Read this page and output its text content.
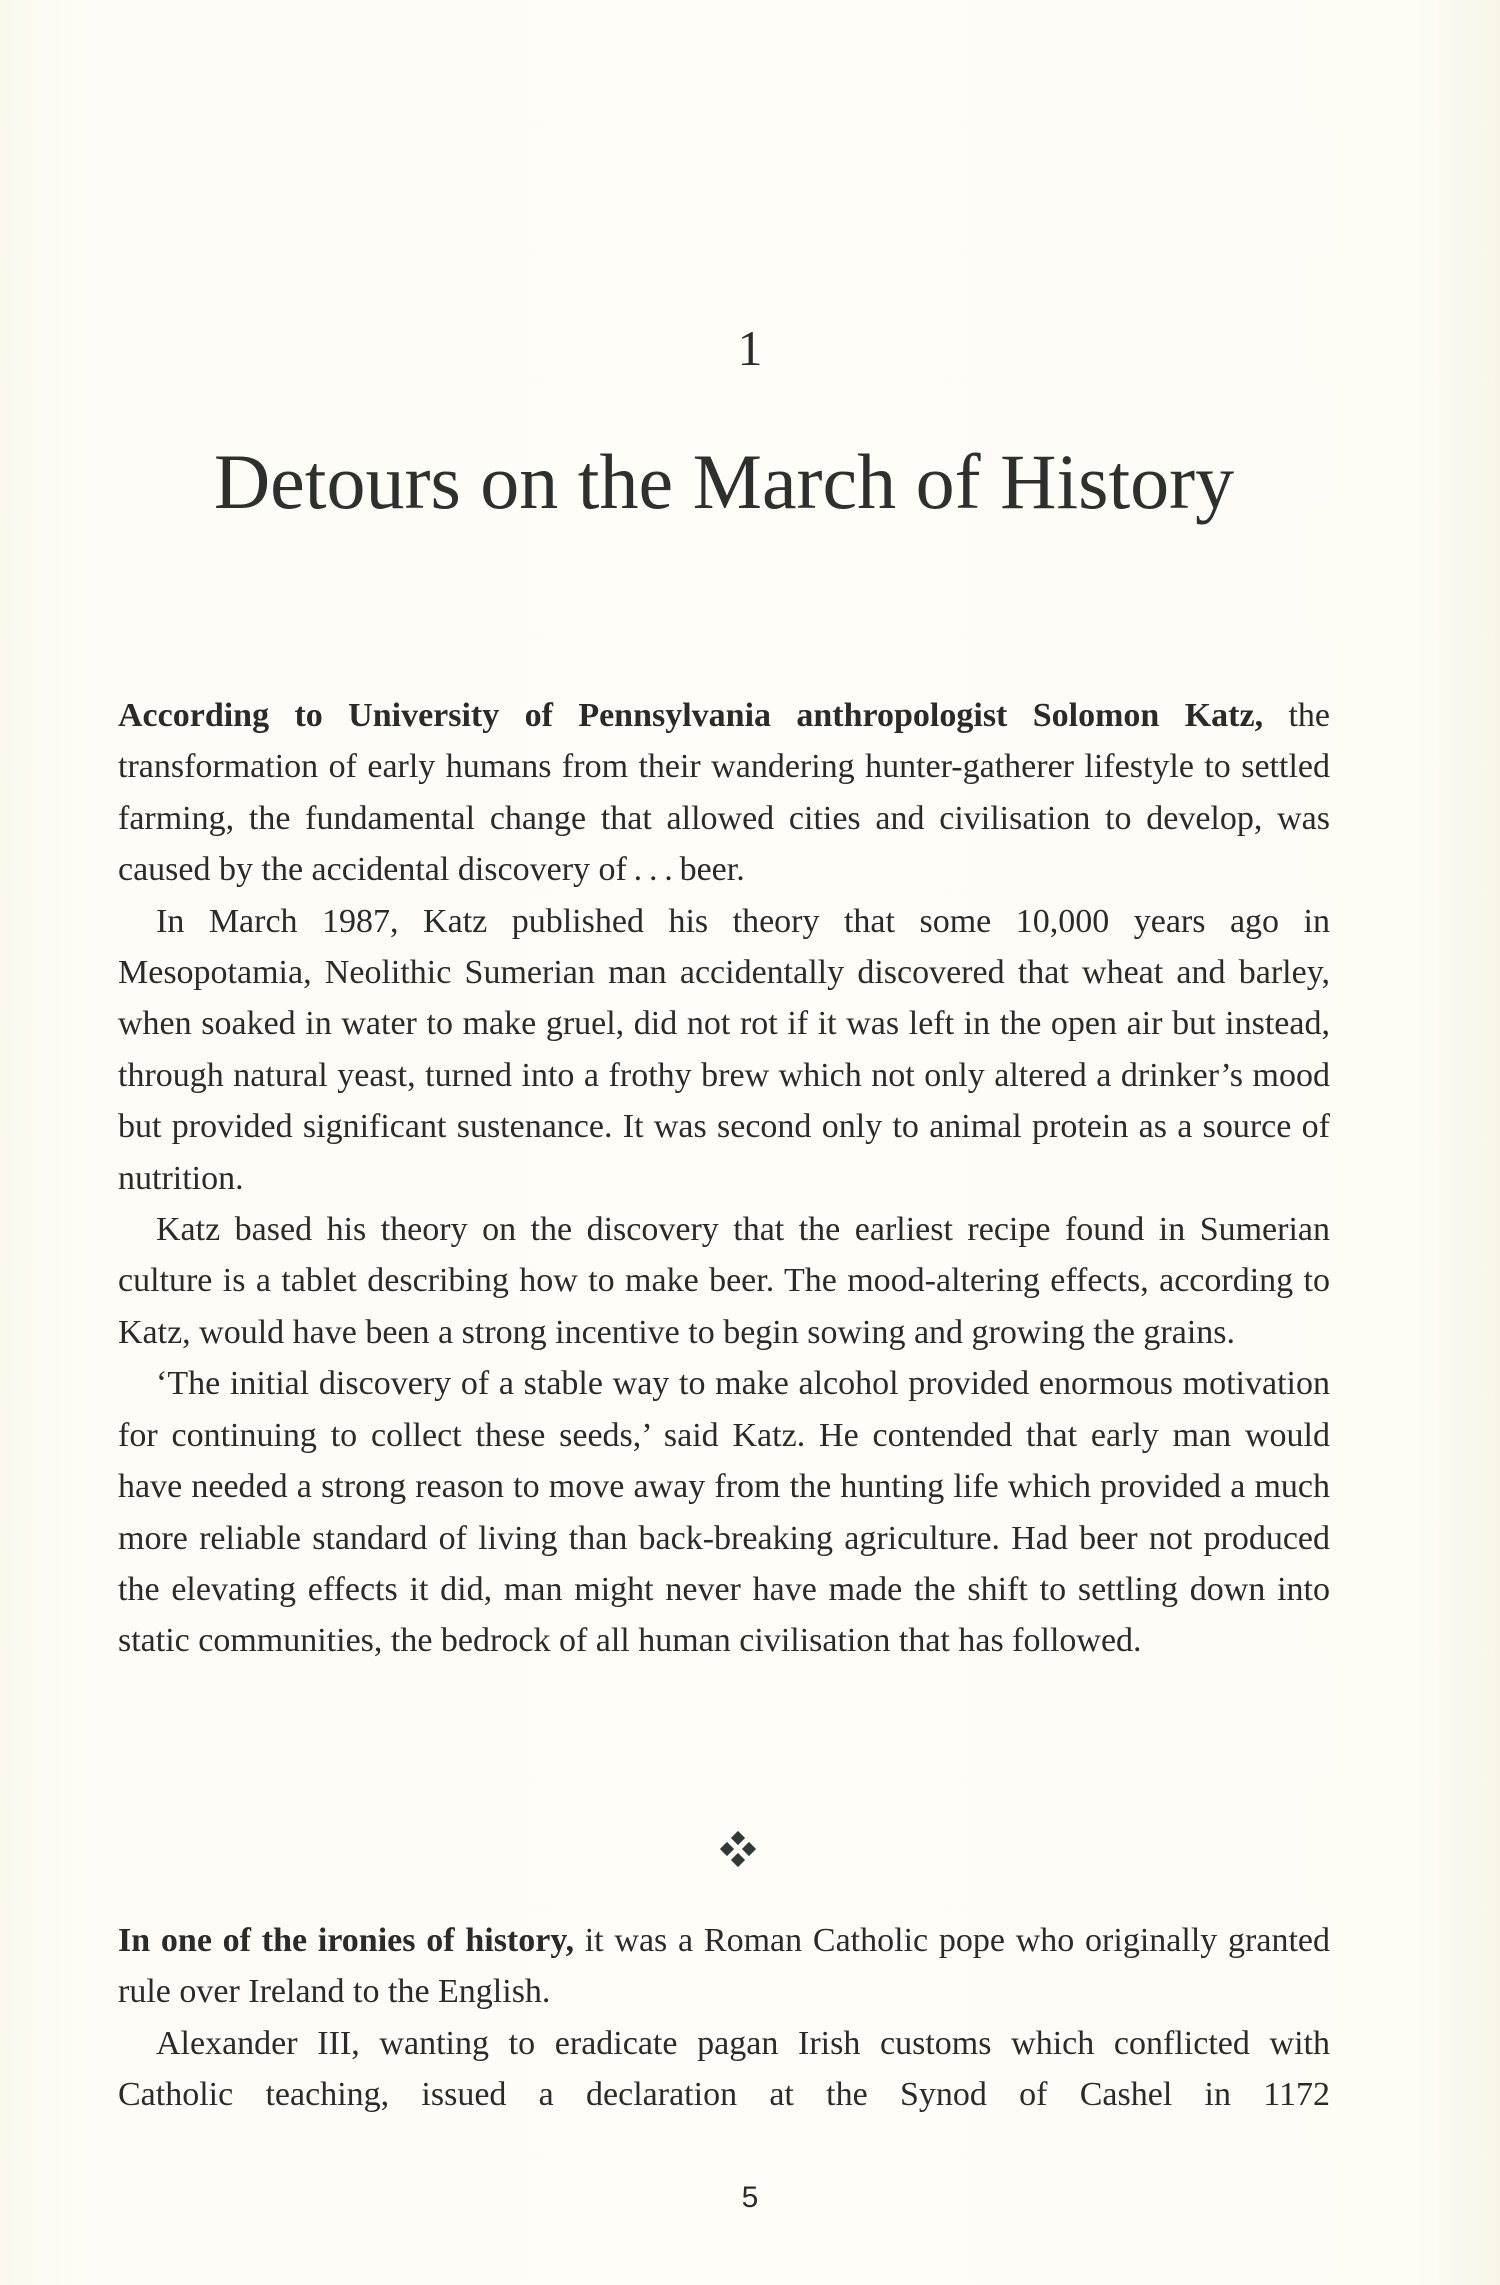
1
Detours on the March of History

According to University of Pennsylvania anthropologist Solomon Katz, the transformation of early humans from their wandering hunter-gatherer lifestyle to settled farming, the fundamental change that allowed cities and civilisation to develop, was caused by the accidental discovery of . . . beer.

In March 1987, Katz published his theory that some 10,000 years ago in Mesopotamia, Neolithic Sumerian man accidentally discovered that wheat and barley, when soaked in water to make gruel, did not rot if it was left in the open air but instead, through natural yeast, turned into a frothy brew which not only altered a drinker’s mood but provided significant sustenance. It was second only to animal protein as a source of nutrition.

Katz based his theory on the discovery that the earliest recipe found in Sumerian culture is a tablet describing how to make beer. The mood-altering effects, according to Katz, would have been a strong incentive to begin sowing and growing the grains.

‘The initial discovery of a stable way to make alcohol provided enormous motivation for continuing to collect these seeds,’ said Katz. He contended that early man would have needed a strong reason to move away from the hunting life which provided a much more reliable standard of living than back-breaking agriculture. Had beer not produced the elevating effects it did, man might never have made the shift to settling down into static communities, the bedrock of all human civilisation that has followed.

In one of the ironies of history, it was a Roman Catholic pope who originally granted rule over Ireland to the English.

Alexander III, wanting to eradicate pagan Irish customs which conflicted with Catholic teaching, issued a declaration at the Synod of Cashel in 1172

5
